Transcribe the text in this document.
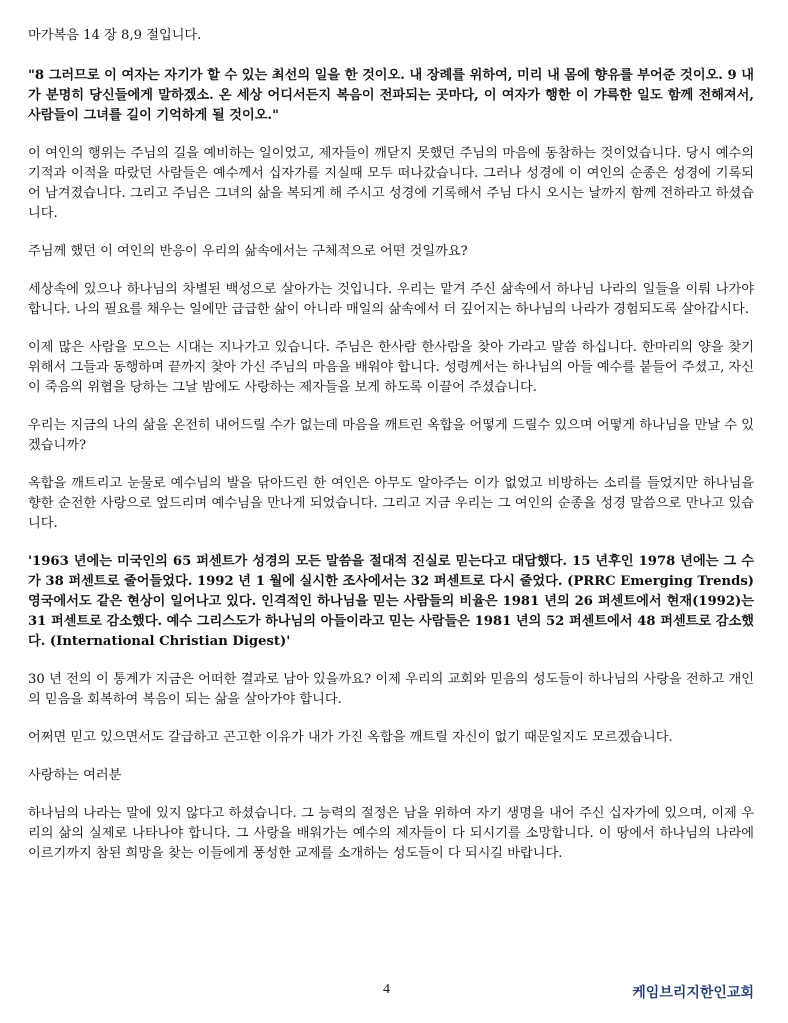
마가복음 14 장 8,9 절입니다.

"8 그러므로 이 여자는 자기가 할 수 있는 최선의 일을 한 것이오. 내 장례를 위하여, 미리 내 몸에 향유를 부어준 것이오. 9 내가 분명히 당신들에게 말하겠소. 온 세상 어디서든지 복음이 전파되는 곳마다, 이 여자가 행한 이 갸륵한 일도 함께 전해져서, 사람들이 그녀를 길이 기억하게 될 것이오."

이 여인의 행위는 주님의 길을 예비하는 일이었고, 제자들이 깨닫지 못했던 주님의 마음에 동참하는 것이었습니다. 당시 예수의 기적과 이적을 따랐던 사람들은 예수께서 십자가를 지실때 모두 떠나갔습니다. 그러나 성경에 이 여인의 순종은 성경에 기록되어 남겨졌습니다. 그리고 주님은 그녀의 삶을 복되게 해 주시고 성경에 기록해서 주님 다시 오시는 날까지 함께 전하라고 하셨습니다.

주님께 했던 이 여인의 반응이 우리의 삶속에서는 구체적으로 어떤 것일까요?

세상속에 있으나 하나님의 차별된 백성으로 살아가는 것입니다. 우리는 맡겨 주신 삶속에서 하나님 나라의 일들을 이뤄 나가야 합니다. 나의 필요를 채우는 일에만 급급한 삶이 아니라 매일의 삶속에서 더 깊어지는 하나님의 나라가 경험되도록 살아갑시다.

이제 많은 사람을 모으는 시대는 지나가고 있습니다. 주님은 한사람 한사람을 찾아 가라고 말씀 하십니다. 한마리의 양을 찾기 위해서 그들과 동행하며 끝까지 찾아 가신 주님의 마음을 배워야 합니다. 성령께서는 하나님의 아들 예수를 붙들어 주셨고, 자신이 죽음의 위협을 당하는 그날 밤에도 사랑하는 제자들을 보게 하도록 이끌어 주셨습니다.

우리는 지금의 나의 삶을 온전히 내어드릴 수가 없는데 마음을 깨트린 옥합을 어떻게 드릴수 있으며 어떻게 하나님을 만날 수 있겠습니까?

옥합을 깨트리고 눈물로 예수님의 발을 닦아드린 한 여인은 아무도 알아주는 이가 없었고 비방하는 소리를 들었지만 하나님을 향한 순전한 사랑으로 엎드리며 예수님을 만나게 되었습니다. 그리고 지금 우리는 그 여인의 순종을 성경 말씀으로 만나고 있습니다.

'1963 년에는 미국인의 65 퍼센트가 성경의 모든 말씀을 절대적 진실로 믿는다고 대답했다. 15 년후인 1978 년에는 그 수가 38 퍼센트로 줄어들었다. 1992 년 1 월에 실시한 조사에서는 32 퍼센트로 다시 줄었다. (PRRC Emerging Trends) 영국에서도 같은 현상이 일어나고 있다. 인격적인 하나님을 믿는 사람들의 비율은 1981 년의 26 퍼센트에서 현재(1992)는 31 퍼센트로 감소했다. 예수 그리스도가 하나님의 아들이라고 믿는 사람들은 1981 년의 52 퍼센트에서 48 퍼센트로 감소했다. (International Christian Digest)'

30 년 전의 이 통계가 지금은 어떠한 결과로 남아 있을까요? 이제 우리의 교회와 믿음의 성도들이 하나님의 사랑을 전하고 개인의 믿음을 회복하여 복음이 되는 삶을 살아가야 합니다.

어쩌면 믿고 있으면서도 갈급하고 곤고한 이유가 내가 가진 옥합을 깨트릴 자신이 없기 때문일지도 모르겠습니다.

사랑하는 여러분

하나님의 나라는 말에 있지 않다고 하셨습니다. 그 능력의 절정은 남을 위하여 자기 생명을 내어 주신 십자가에 있으며, 이제 우리의 삶의 실제로 나타나야 합니다. 그 사랑을 배워가는 예수의 제자들이 다 되시기를 소망합니다. 이 땅에서 하나님의 나라에 이르기까지 참된 희망을 찾는 이들에게 풍성한 교제를 소개하는 성도들이 다 되시길 바랍니다.

4	케임브리지한인교회
